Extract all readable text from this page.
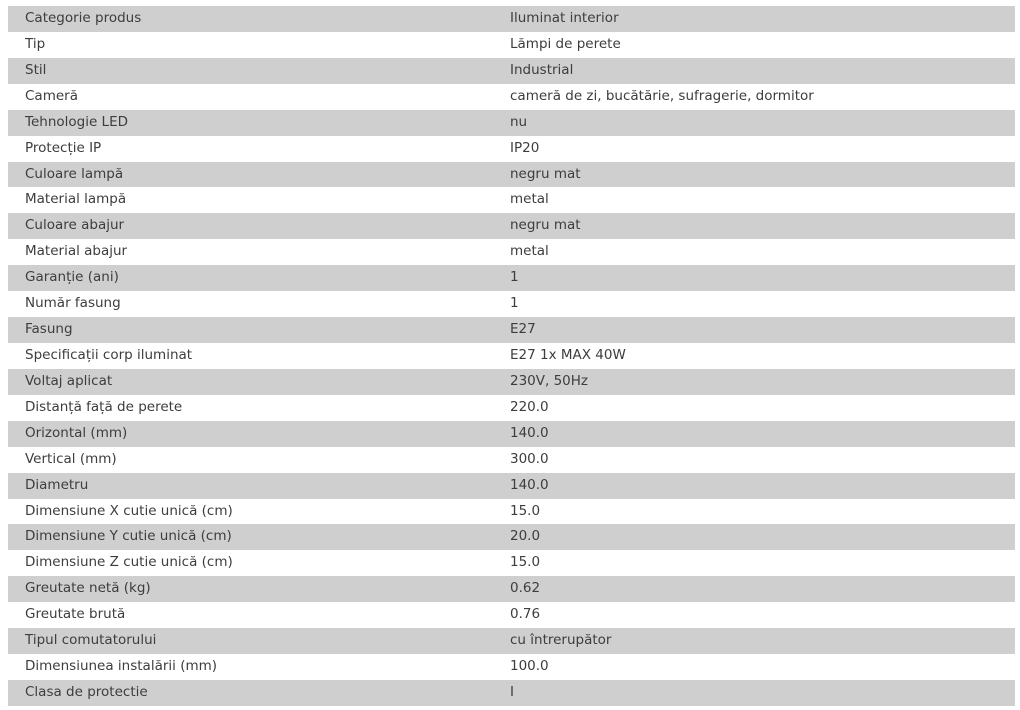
Categorie produs	Iluminat interior
Tip	Lămpi de perete
Stil	Industrial
Cameră	cameră de zi, bucătărie, sufragerie, dormitor
Tehnologie LED	nu
Protecție IP	IP20
Culoare lampă	negru mat
Material lampă	metal
Culoare abajur	negru mat
Material abajur	metal
Garanție (ani)	1
Număr fasung	1
Fasung	E27
Specificații corp iluminat	E27 1x MAX 40W
Voltaj aplicat	230V, 50Hz
Distanță față de perete	220.0
Orizontal (mm)	140.0
Vertical (mm)	300.0
Diametru	140.0
Dimensiune X cutie unică (cm)	15.0
Dimensiune Y cutie unică (cm)	20.0
Dimensiune Z cutie unică (cm)	15.0
Greutate netă (kg)	0.62
Greutate brută	0.76
Tipul comutatorului	cu întrerupător
Dimensiunea instalării (mm)	100.0
Clasa de protectie	I
